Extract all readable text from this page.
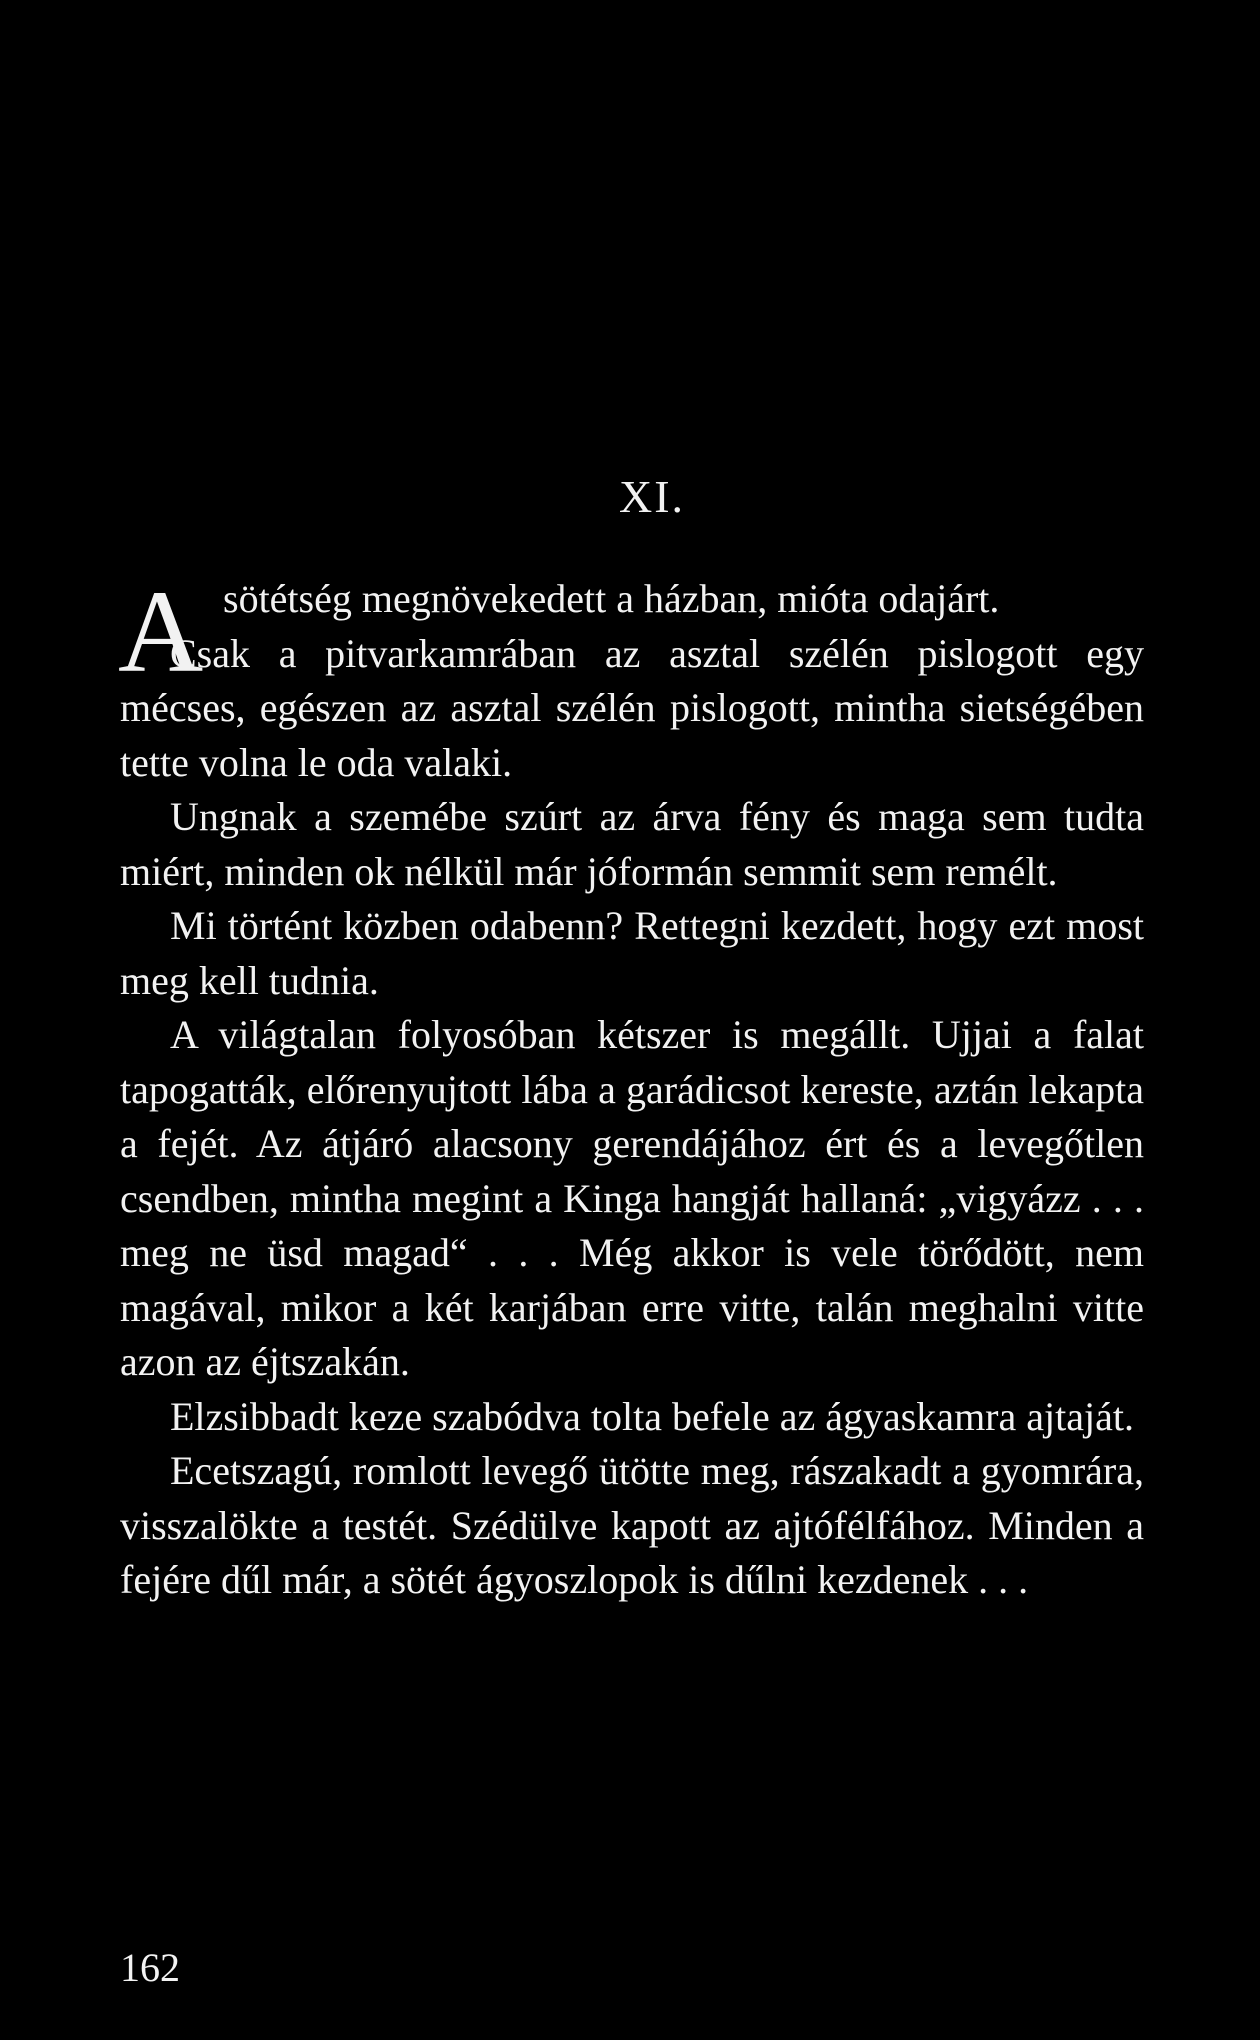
XI.

A sötétség megnövekedett a házban, mióta odajárt.

Csak a pitvarkamrában az asztal szélén pislogott egy mécses, egészen az asztal szélén pislogott, mintha sietségében tette volna le oda valaki.

Ungnak a szemébe szúrt az árva fény és maga sem tudta miért, minden ok nélkül már jóformán semmit sem remélt.

Mi történt közben odabenn? Rettegni kezdett, hogy ezt most meg kell tudnia.

A világtalan folyosóban kétszer is megállt. Ujjai a falat tapogatták, előrenyujtott lába a garádicsot kereste, aztán lekapta a fejét. Az átjáró alacsony gerendájához ért és a levegőtlen csendben, mintha megint a Kinga hangját hallaná: „vigyázz . . . meg ne üsd magad“ . . . Még akkor is vele törődött, nem magával, mikor a két karjában erre vitte, talán meghalni vitte azon az éjtszakán.

Elzsibbadt keze szabódva tolta befele az ágyaskamra ajtaját.

Ecetszagú, romlott levegő ütötte meg, rászakadt a gyomrára, visszalökte a testét. Szédülve kapott az ajtófélfához. Minden a fejére dűl már, a sötét ágyoszlopok is dűlni kezdenek . . .

162
